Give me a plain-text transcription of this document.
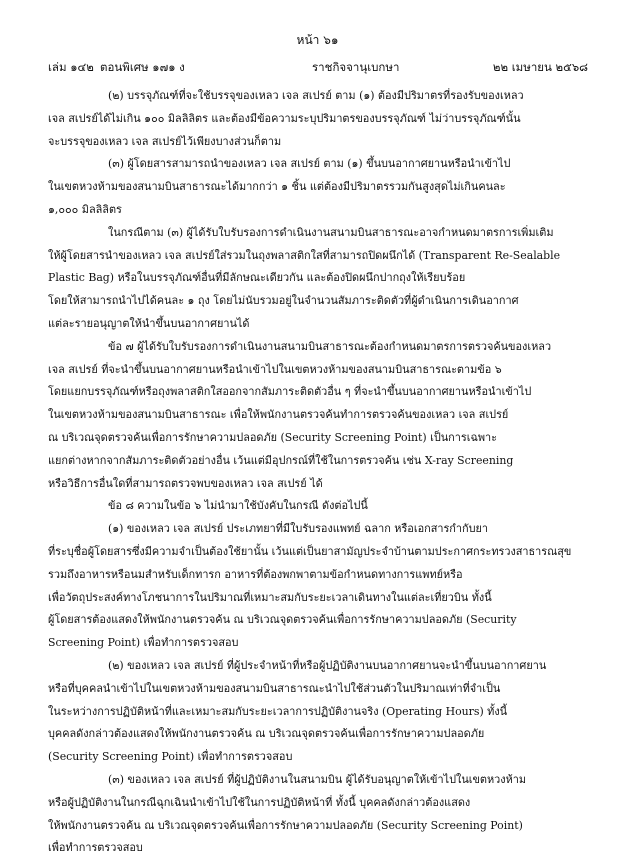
หน้า ๖๑
เล่ม ๑๔๒ ตอนพิเศษ ๑๗๑ ง	ราชกิจจานุเบกษา	๒๒ เมษายน ๒๕๖๘
(๒) บรรจุภัณฑ์ที่จะใช้บรรจุของเหลว เจล สเปรย์ ตาม (๑) ต้องมีปริมาตรที่รองรับของเหลว
เจล สเปรย์ได้ไม่เกิน ๑๐๐ มิลลิลิตร และต้องมีข้อความระบุปริมาตรของบรรจุภัณฑ์ ไม่ว่าบรรจุภัณฑ์นั้น
จะบรรจุของเหลว เจล สเปรย์ไว้เพียงบางส่วนก็ตาม
(๓) ผู้โดยสารสามารถนำของเหลว เจล สเปรย์ ตาม (๑) ขึ้นบนอากาศยานหรือนำเข้าไป
ในเขตหวงห้ามของสนามบินสาธารณะได้มากกว่า ๑ ชิ้น แต่ต้องมีปริมาตรรวมกันสูงสุดไม่เกินคนละ
๑,๐๐๐ มิลลิลิตร
ในกรณีตาม (๓) ผู้ได้รับใบรับรองการดำเนินงานสนามบินสาธารณะอาจกำหนดมาตรการเพิ่มเติม
ให้ผู้โดยสารนำของเหลว เจล สเปรย์ใส่รวมในถุงพลาสติกใสที่สามารถปิดผนึกได้ (Transparent Re-Sealable
Plastic Bag) หรือในบรรจุภัณฑ์อื่นที่มีลักษณะเดียวกัน และต้องปิดผนึกปากถุงให้เรียบร้อย
โดยให้สามารถนำไปได้คนละ ๑ ถุง โดยไม่นับรวมอยู่ในจำนวนสัมภาระติดตัวที่ผู้ดำเนินการเดินอากาศ
แต่ละรายอนุญาตให้นำขึ้นบนอากาศยานได้
ข้อ ๗ ผู้ได้รับใบรับรองการดำเนินงานสนามบินสาธารณะต้องกำหนดมาตรการตรวจค้นของเหลว
เจล สเปรย์ ที่จะนำขึ้นบนอากาศยานหรือนำเข้าไปในเขตหวงห้ามของสนามบินสาธารณะตามข้อ ๖
โดยแยกบรรจุภัณฑ์หรือถุงพลาสติกใสออกจากสัมภาระติดตัวอื่น ๆ ที่จะนำขึ้นบนอากาศยานหรือนำเข้าไป
ในเขตหวงห้ามของสนามบินสาธารณะ เพื่อให้พนักงานตรวจค้นทำการตรวจค้นของเหลว เจล สเปรย์
ณ บริเวณจุดตรวจค้นเพื่อการรักษาความปลอดภัย (Security Screening Point) เป็นการเฉพาะ
แยกต่างหากจากสัมภาระติดตัวอย่างอื่น เว้นแต่มีอุปกรณ์ที่ใช้ในการตรวจค้น เช่น X-ray Screening
หรือวิธีการอื่นใดที่สามารถตรวจพบของเหลว เจล สเปรย์ ได้
ข้อ ๘ ความในข้อ ๖ ไม่นำมาใช้บังคับในกรณี ดังต่อไปนี้
(๑) ของเหลว เจล สเปรย์ ประเภทยาที่มีใบรับรองแพทย์ ฉลาก หรือเอกสารกำกับยา
ที่ระบุชื่อผู้โดยสารซึ่งมีความจำเป็นต้องใช้ยานั้น เว้นแต่เป็นยาสามัญประจำบ้านตามประกาศกระทรวงสาธารณสุข
รวมถึงอาหารหรือนมสำหรับเด็กทารก อาหารที่ต้องพกพาตามข้อกำหนดทางการแพทย์หรือ
เพื่อวัตถุประสงค์ทางโภชนาการในปริมาณที่เหมาะสมกับระยะเวลาเดินทางในแต่ละเที่ยวบิน ทั้งนี้
ผู้โดยสารต้องแสดงให้พนักงานตรวจค้น ณ บริเวณจุดตรวจค้นเพื่อการรักษาความปลอดภัย (Security
Screening Point) เพื่อทำการตรวจสอบ
(๒) ของเหลว เจล สเปรย์ ที่ผู้ประจำหน้าที่หรือผู้ปฏิบัติงานบนอากาศยานจะนำขึ้นบนอากาศยาน
หรือที่บุคคลนำเข้าไปในเขตหวงห้ามของสนามบินสาธารณะนำไปใช้ส่วนตัวในปริมาณเท่าที่จำเป็น
ในระหว่างการปฏิบัติหน้าที่และเหมาะสมกับระยะเวลาการปฏิบัติงานจริง (Operating Hours) ทั้งนี้
บุคคลดังกล่าวต้องแสดงให้พนักงานตรวจค้น ณ บริเวณจุดตรวจค้นเพื่อการรักษาความปลอดภัย
(Security Screening Point) เพื่อทำการตรวจสอบ
(๓) ของเหลว เจล สเปรย์ ที่ผู้ปฏิบัติงานในสนามบิน ผู้ได้รับอนุญาตให้เข้าไปในเขตหวงห้าม
หรือผู้ปฏิบัติงานในกรณีฉุกเฉินนำเข้าไปใช้ในการปฏิบัติหน้าที่ ทั้งนี้ บุคคลดังกล่าวต้องแสดง
ให้พนักงานตรวจค้น ณ บริเวณจุดตรวจค้นเพื่อการรักษาความปลอดภัย (Security Screening Point)
เพื่อทำการตรวจสอบ
